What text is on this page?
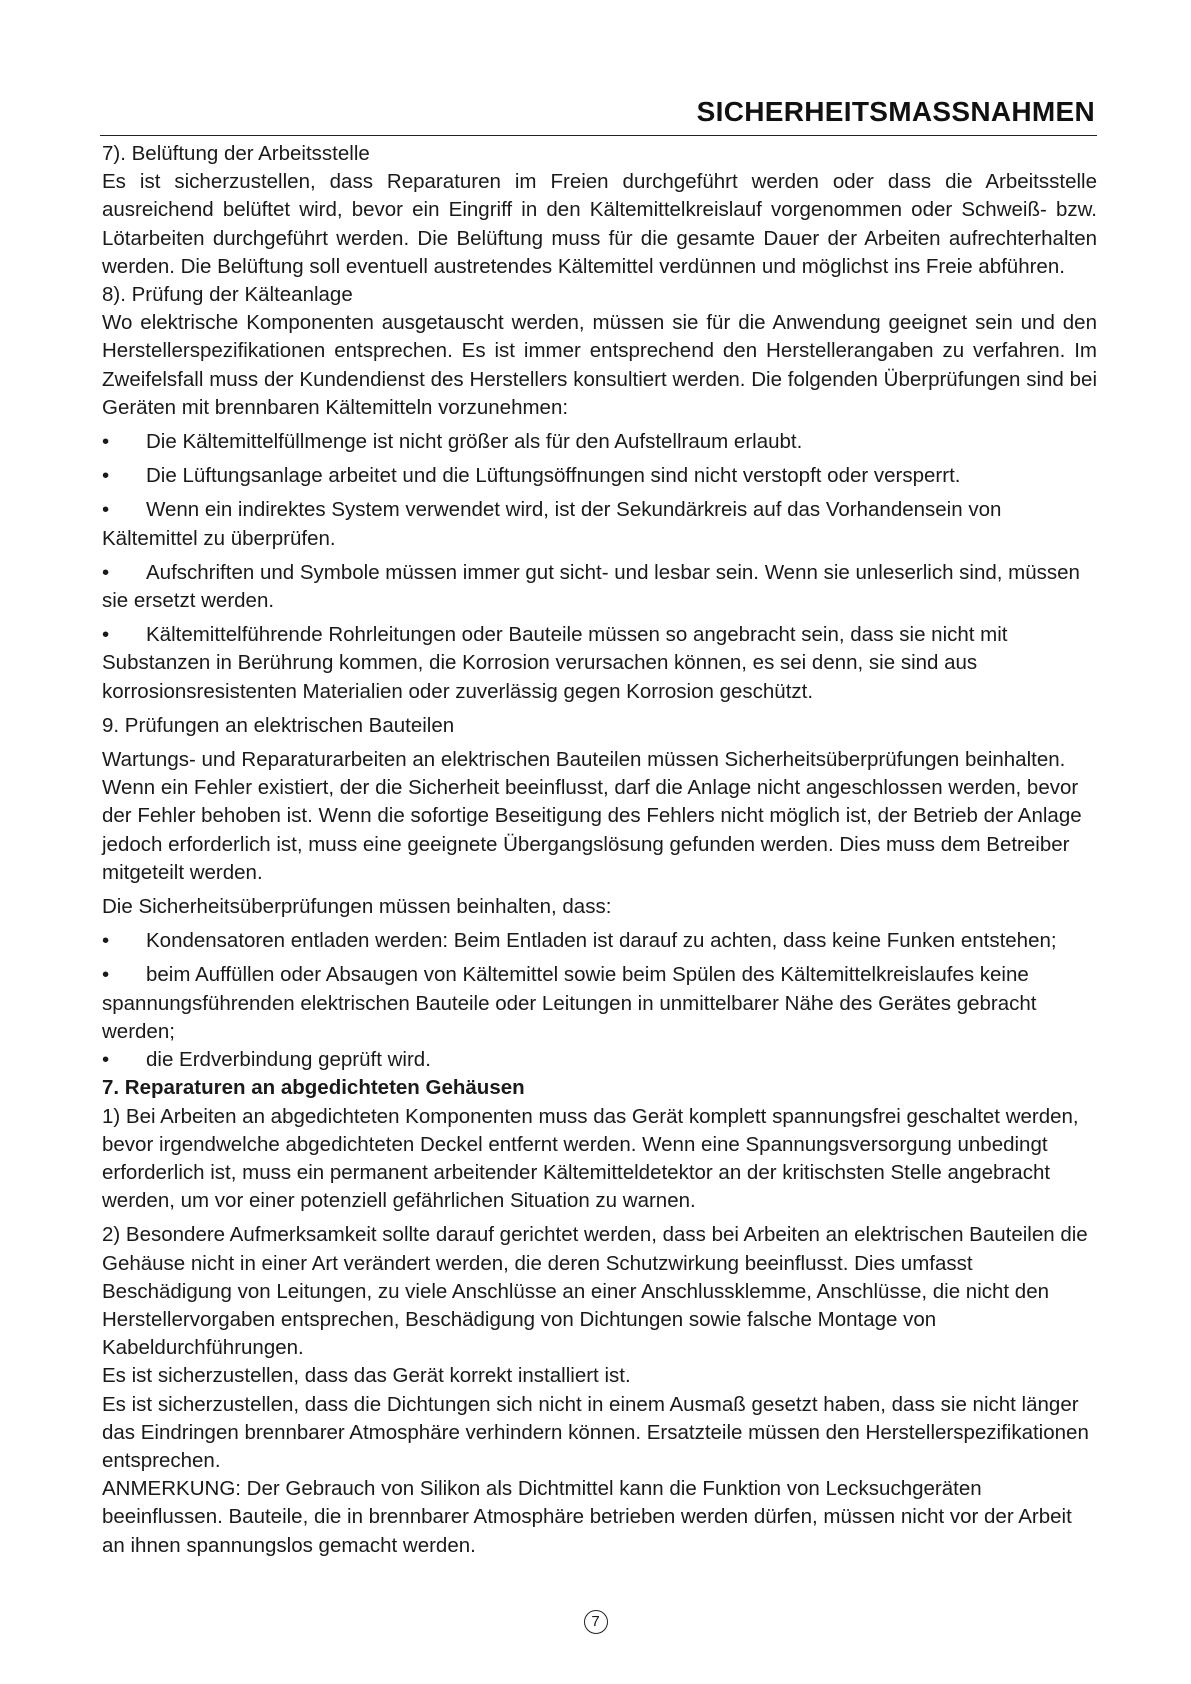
SICHERHEITSMASSNAHMEN

7). Belüftung der Arbeitsstelle

Es ist sicherzustellen, dass Reparaturen im Freien durchgeführt werden oder dass die Arbeitsstelle ausreichend belüftet wird, bevor ein Eingriff in den Kältemittelkreislauf vorgenommen oder Schweiß- bzw. Lötarbeiten durchgeführt werden. Die Belüftung muss für die gesamte Dauer der Arbeiten aufrechterhalten werden. Die Belüftung soll eventuell austretendes Kältemittel verdünnen und möglichst ins Freie abführen.

8). Prüfung der Kälteanlage

Wo elektrische Komponenten ausgetauscht werden, müssen sie für die Anwendung geeignet sein und den Herstellerspezifikationen entsprechen. Es ist immer entsprechend den Herstellerangaben zu verfahren. Im Zweifelsfall muss der Kundendienst des Herstellers konsultiert werden. Die folgenden Überprüfungen sind bei Geräten mit brennbaren Kältemitteln vorzunehmen:

• Die Kältemittelfüllmenge ist nicht größer als für den Aufstellraum erlaubt.

• Die Lüftungsanlage arbeitet und die Lüftungsöffnungen sind nicht verstopft oder versperrt.

• Wenn ein indirektes System verwendet wird, ist der Sekundärkreis auf das Vorhandensein von Kältemittel zu überprüfen.

• Aufschriften und Symbole müssen immer gut sicht- und lesbar sein. Wenn sie unleserlich sind, müssen sie ersetzt werden.

• Kältemittelführende Rohrleitungen oder Bauteile müssen so angebracht sein, dass sie nicht mit Substanzen in Berührung kommen, die Korrosion verursachen können, es sei denn, sie sind aus korrosionsresistenten Materialien oder zuverlässig gegen Korrosion geschützt.

9. Prüfungen an elektrischen Bauteilen

Wartungs- und Reparaturarbeiten an elektrischen Bauteilen müssen Sicherheitsüberprüfungen beinhalten. Wenn ein Fehler existiert, der die Sicherheit beeinflusst, darf die Anlage nicht angeschlossen werden, bevor der Fehler behoben ist. Wenn die sofortige Beseitigung des Fehlers nicht möglich ist, der Betrieb der Anlage jedoch erforderlich ist, muss eine geeignete Übergangslösung gefunden werden. Dies muss dem Betreiber mitgeteilt werden.

Die Sicherheitsüberprüfungen müssen beinhalten, dass:

• Kondensatoren entladen werden: Beim Entladen ist darauf zu achten, dass keine Funken entstehen;

• beim Auffüllen oder Absaugen von Kältemittel sowie beim Spülen des Kältemittelkreislaufes keine spannungsführenden elektrischen Bauteile oder Leitungen in unmittelbarer Nähe des Gerätes gebracht werden;

• die Erdverbindung geprüft wird.

7. Reparaturen an abgedichteten Gehäusen

1) Bei Arbeiten an abgedichteten Komponenten muss das Gerät komplett spannungsfrei geschaltet werden, bevor irgendwelche abgedichteten Deckel entfernt werden. Wenn eine Spannungsversorgung unbedingt erforderlich ist, muss ein permanent arbeitender Kältemitteldetektor an der kritischsten Stelle angebracht werden, um vor einer potenziell gefährlichen Situation zu warnen.

2) Besondere Aufmerksamkeit sollte darauf gerichtet werden, dass bei Arbeiten an elektrischen Bauteilen die Gehäuse nicht in einer Art verändert werden, die deren Schutzwirkung beeinflusst. Dies umfasst Beschädigung von Leitungen, zu viele Anschlüsse an einer Anschlussklemme, Anschlüsse, die nicht den Herstellervorgaben entsprechen, Beschädigung von Dichtungen sowie falsche Montage von Kabeldurchführungen.

Es ist sicherzustellen, dass das Gerät korrekt installiert ist.

Es ist sicherzustellen, dass die Dichtungen sich nicht in einem Ausmaß gesetzt haben, dass sie nicht länger das Eindringen brennbarer Atmosphäre verhindern können. Ersatzteile müssen den Herstellerspezifikationen entsprechen.

ANMERKUNG: Der Gebrauch von Silikon als Dichtmittel kann die Funktion von Lecksuchgeräten beeinflussen. Bauteile, die in brennbarer Atmosphäre betrieben werden dürfen, müssen nicht vor der Arbeit an ihnen spannungslos gemacht werden.

7
